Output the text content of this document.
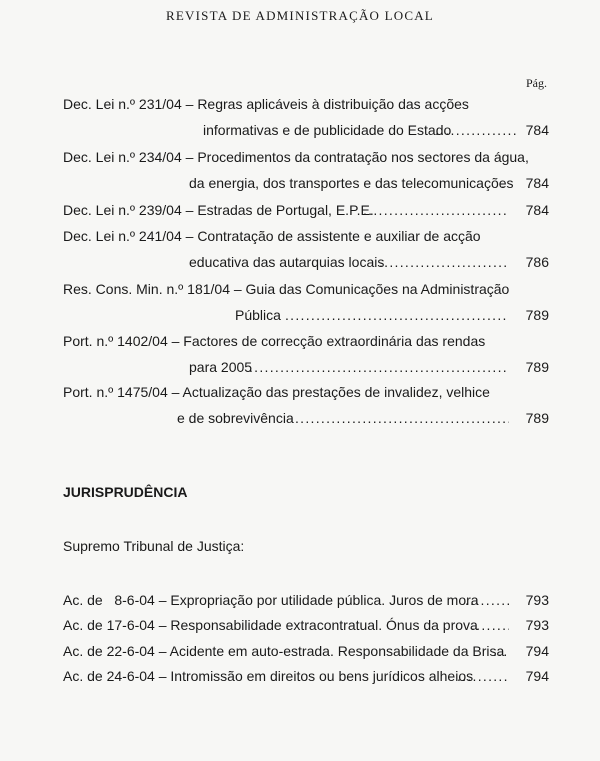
REVISTA DE ADMINISTRAÇÃO LOCAL
Pág.
Dec. Lei n.º 231/04 – Regras aplicáveis à distribuição das acções
informativas e de publicidade do Estado . . .	784
Dec. Lei n.º 234/04 – Procedimentos da contratação nos sectores da água,
da energia, dos transportes e das telecomunicações . 784
Dec. Lei n.º 239/04 – Estradas de Portugal, E.P.E. . . .	784
Dec. Lei n.º 241/04 – Contratação de assistente e auxiliar de acção
educativa das autarquias locais . . .	786
Res. Cons. Min. n.º 181/04 – Guia das Comunicações na Administração
Pública . . .	789
Port. n.º 1402/04 – Factores de correcção extraordinária das rendas
para 2005 . . .	789
Port. n.º 1475/04 – Actualização das prestações de invalidez, velhice
e de sobrevivência . . .	789
JURISPRUDÊNCIA
Supremo Tribunal de Justiça:
Ac. de   8-6-04 – Expropriação por utilidade pública. Juros de mora . . .	793
Ac. de 17-6-04 – Responsabilidade extracontratual. Ónus da prova . . .	793
Ac. de 22-6-04 – Acidente em auto-estrada. Responsabilidade da Brisa . . . 794
Ac. de 24-6-04 – Intromissão em direitos ou bens jurídicos alheios . . .	794
